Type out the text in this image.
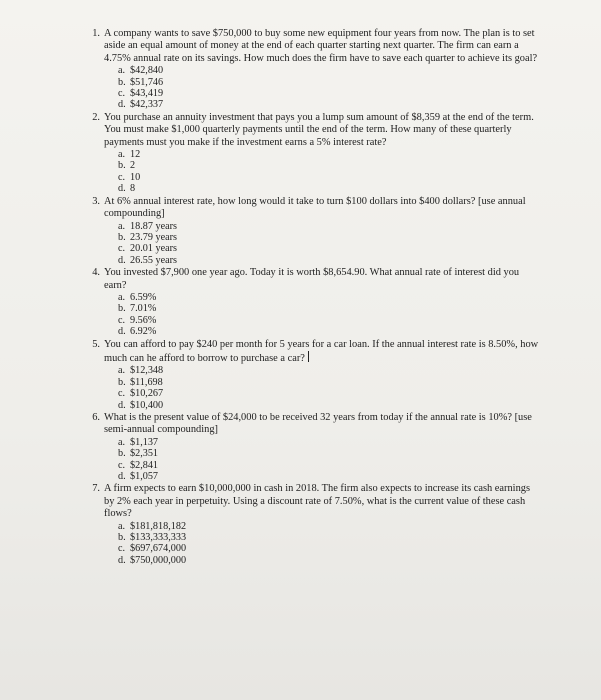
1. A company wants to save $750,000 to buy some new equipment four years from now. The plan is to set aside an equal amount of money at the end of each quarter starting next quarter. The firm can earn a 4.75% annual rate on its savings. How much does the firm have to save each quarter to achieve its goal?
a. $42,840
b. $51,746
c. $43,419
d. $42,337
2. You purchase an annuity investment that pays you a lump sum amount of $8,359 at the end of the term. You must make $1,000 quarterly payments until the end of the term. How many of these quarterly payments must you make if the investment earns a 5% interest rate?
a. 12
b. 2
c. 10
d. 8
3. At 6% annual interest rate, how long would it take to turn $100 dollars into $400 dollars? [use annual compounding]
a. 18.87 years
b. 23.79 years
c. 20.01 years
d. 26.55 years
4. You invested $7,900 one year ago. Today it is worth $8,654.90. What annual rate of interest did you earn?
a. 6.59%
b. 7.01%
c. 9.56%
d. 6.92%
5. You can afford to pay $240 per month for 5 years for a car loan. If the annual interest rate is 8.50%, how much can he afford to borrow to purchase a car?
a. $12,348
b. $11,698
c. $10,267
d. $10,400
6. What is the present value of $24,000 to be received 32 years from today if the annual rate is 10%? [use semi-annual compounding]
a. $1,137
b. $2,351
c. $2,841
d. $1,057
7. A firm expects to earn $10,000,000 in cash in 2018. The firm also expects to increase its cash earnings by 2% each year in perpetuity. Using a discount rate of 7.50%, what is the current value of these cash flows?
a. $181,818,182
b. $133,333,333
c. $697,674,000
d. $750,000,000
